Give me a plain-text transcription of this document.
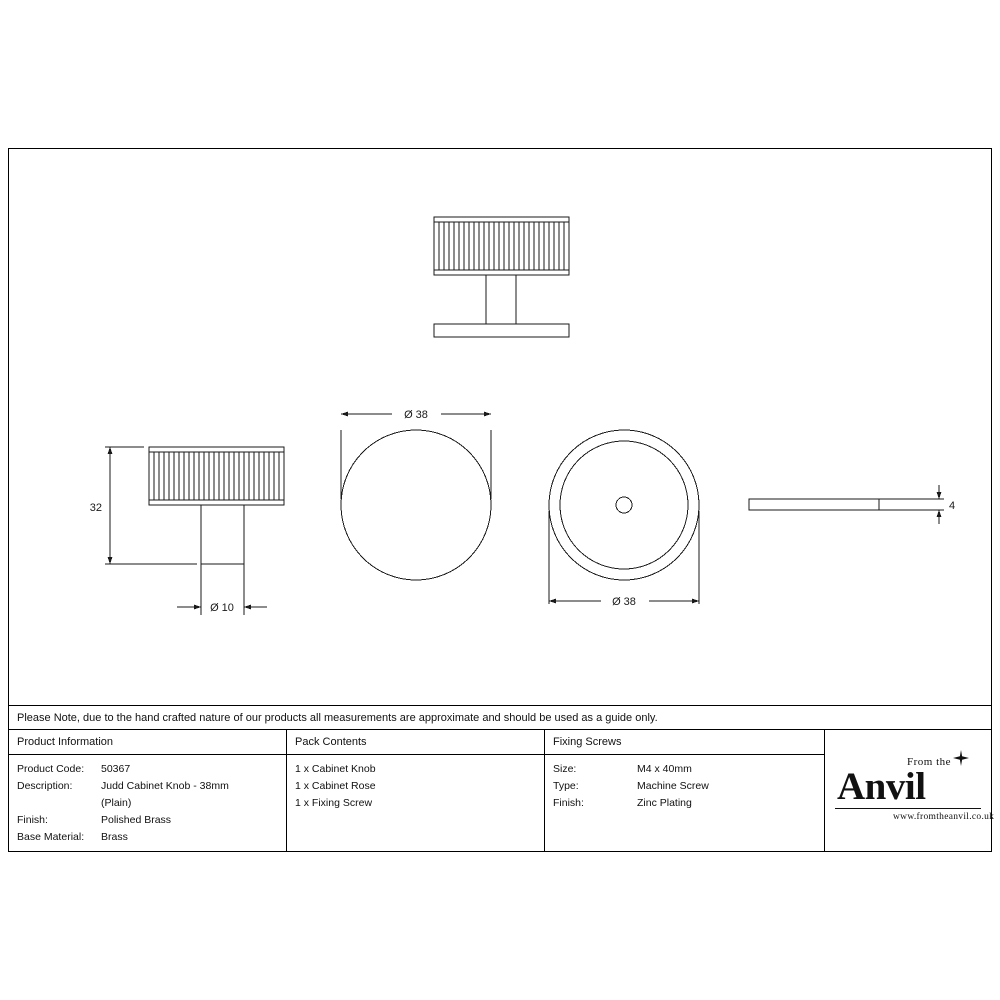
32
Ø 10
Ø 38
Ø 38
4
Please Note, due to the hand crafted nature of our products all measurements are approximate and should be used as a guide only.
Product Information
Product Code:	50367
Description:	Judd Cabinet Knob - 38mm
(Plain)
Finish:	Polished Brass
Base Material:	Brass
Pack Contents
1 x Cabinet Knob
1 x Cabinet Rose
1 x Fixing Screw
Fixing Screws
Size:	M4 x 40mm
Type:	Machine Screw
Finish:	Zinc Plating
From the
Anvil
www.fromtheanvil.co.uk
